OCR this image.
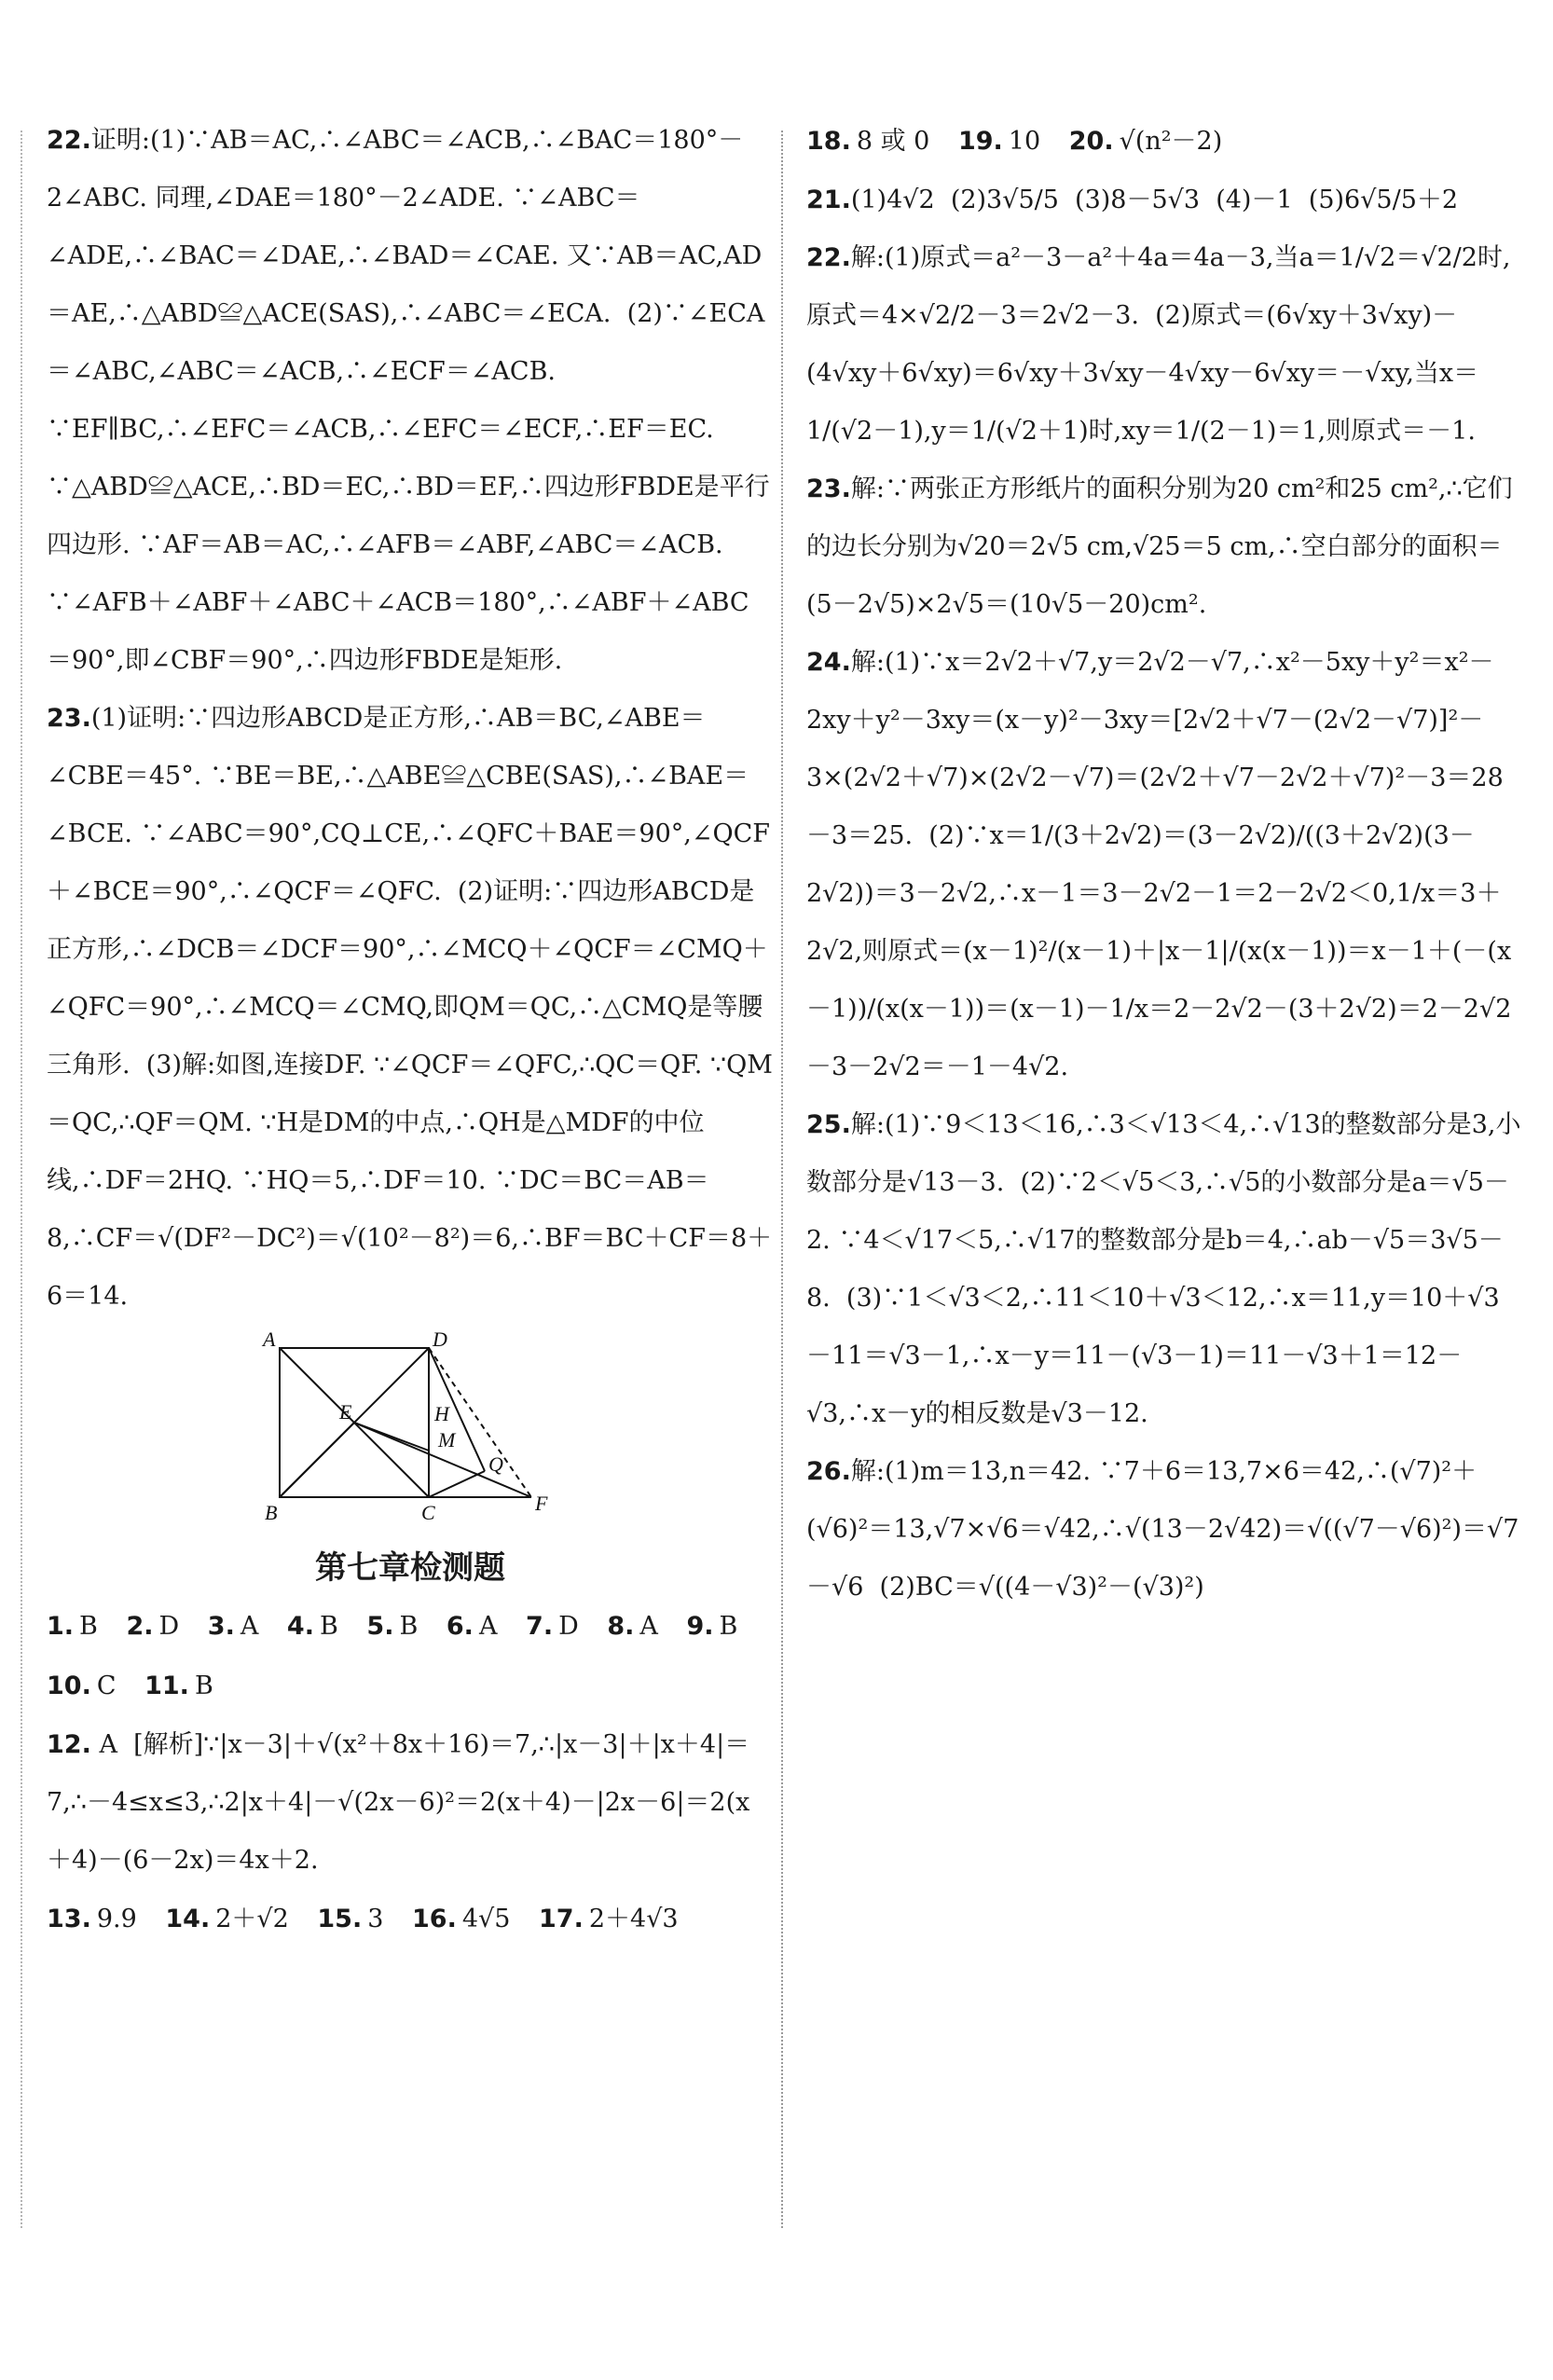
22.证明:(1)∵AB＝AC,∴∠ABC＝∠ACB,∴∠BAC＝180°－2∠ABC. 同理,∠DAE＝180°－2∠ADE. ∵∠ABC＝∠ADE,∴∠BAC＝∠DAE,∴∠BAD＝∠CAE. 又∵AB＝AC,AD＝AE,∴△ABD≌△ACE(SAS),∴∠ABC＝∠ECA.  (2)∵∠ECA＝∠ABC,∠ABC＝∠ACB,∴∠ECF＝∠ACB. ∵EF∥BC,∴∠EFC＝∠ACB,∴∠EFC＝∠ECF,∴EF＝EC. ∵△ABD≌△ACE,∴BD＝EC,∴BD＝EF,∴四边形FBDE是平行四边形. ∵AF＝AB＝AC,∴∠AFB＝∠ABF,∠ABC＝∠ACB. ∵∠AFB＋∠ABF＋∠ABC＋∠ACB＝180°,∴∠ABF＋∠ABC＝90°,即∠CBF＝90°,∴四边形FBDE是矩形.

23.(1)证明:∵四边形ABCD是正方形,∴AB＝BC,∠ABE＝∠CBE＝45°. ∵BE＝BE,∴△ABE≌△CBE(SAS),∴∠BAE＝∠BCE. ∵∠ABC＝90°,CQ⊥CE,∴∠QFC＋BAE＝90°,∠QCF＋∠BCE＝90°,∴∠QCF＝∠QFC.  (2)证明:∵四边形ABCD是正方形,∴∠DCB＝∠DCF＝90°,∴∠MCQ＋∠QCF＝∠CMQ＋∠QFC＝90°,∴∠MCQ＝∠CMQ,即QM＝QC,∴△CMQ是等腰三角形.  (3)解:如图,连接DF. ∵∠QCF＝∠QFC,∴QC＝QF. ∵QM＝QC,∴QF＝QM. ∵H是DM的中点,∴QH是△MDF的中位线,∴DF＝2HQ. ∵HQ＝5,∴DF＝10. ∵DC＝BC＝AB＝8,∴CF＝√(DF²－DC²)＝√(10²－8²)＝6,∴BF＝BC＋CF＝8＋6＝14.

A	D
E	H
M
Q
B	C	F
第七章检测题

1. B 2. D 3. A 4. B 5. B 6. A 7. D 8. A 9. B

10. C 11. B

12. A  [解析]∵|x－3|＋√(x²＋8x＋16)＝7,∴|x－3|＋|x＋4|＝7,∴－4≤x≤3,∴2|x＋4|－√(2x－6)²＝2(x＋4)－|2x－6|＝2(x＋4)－(6－2x)＝4x＋2.

13. 9.9 14. 2＋√2 15. 3 16. 4√5 17. 2＋4√3

18. 8 或 0 19. 10 20. √(n²－2)

21.(1)4√2  (2)3√5/5  (3)8－5√3  (4)－1  (5)6√5/5＋2

22.解:(1)原式＝a²－3－a²＋4a＝4a－3,当a＝1/√2＝√2/2时,原式＝4×√2/2－3＝2√2－3.  (2)原式＝(6√xy＋3√xy)－(4√xy＋6√xy)＝6√xy＋3√xy－4√xy－6√xy＝－√xy,当x＝1/(√2－1),y＝1/(√2＋1)时,xy＝1/(2－1)＝1,则原式＝－1.

23.解:∵两张正方形纸片的面积分别为20 cm²和25 cm²,∴它们的边长分别为√20＝2√5 cm,√25＝5 cm,∴空白部分的面积＝(5－2√5)×2√5＝(10√5－20)cm².

24.解:(1)∵x＝2√2＋√7,y＝2√2－√7,∴x²－5xy＋y²＝x²－2xy＋y²－3xy＝(x－y)²－3xy＝[2√2＋√7－(2√2－√7)]²－3×(2√2＋√7)×(2√2－√7)＝(2√2＋√7－2√2＋√7)²－3＝28－3＝25.  (2)∵x＝1/(3＋2√2)＝(3－2√2)/((3＋2√2)(3－2√2))＝3－2√2,∴x－1＝3－2√2－1＝2－2√2＜0,1/x＝3＋2√2,则原式＝(x－1)²/(x－1)＋|x－1|/(x(x－1))＝x－1＋(－(x－1))/(x(x－1))＝(x－1)－1/x＝2－2√2－(3＋2√2)＝2－2√2－3－2√2＝－1－4√2.

25.解:(1)∵9＜13＜16,∴3＜√13＜4,∴√13的整数部分是3,小数部分是√13－3.  (2)∵2＜√5＜3,∴√5的小数部分是a＝√5－2. ∵4＜√17＜5,∴√17的整数部分是b＝4,∴ab－√5＝3√5－8.  (3)∵1＜√3＜2,∴11＜10＋√3＜12,∴x＝11,y＝10＋√3－11＝√3－1,∴x－y＝11－(√3－1)＝11－√3＋1＝12－√3,∴x－y的相反数是√3－12.

26.解:(1)m＝13,n＝42. ∵7＋6＝13,7×6＝42,∴(√7)²＋(√6)²＝13,√7×√6＝√42,∴√(13－2√42)＝√((√7－√6)²)＝√7－√6  (2)BC＝√((4－√3)²－(√3)²)
